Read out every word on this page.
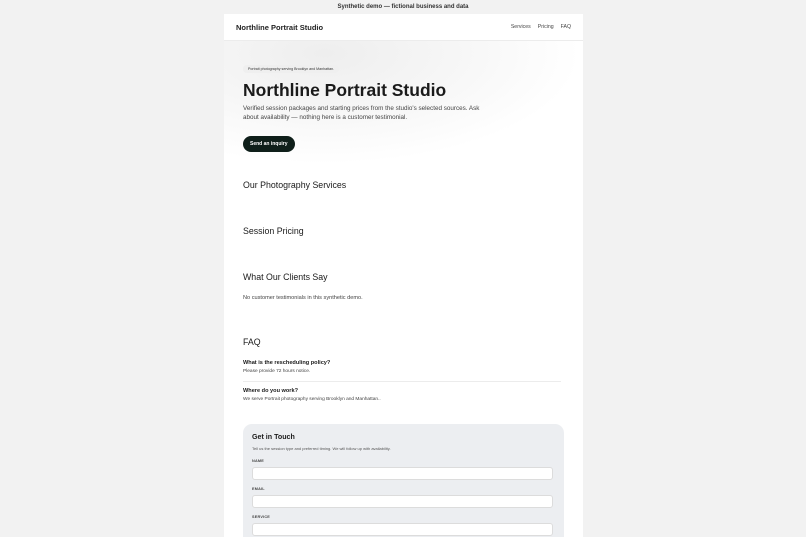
Synthetic demo — fictional business and data
Northline Portrait Studio	Services Pricing FAQ
Portrait photography serving Brooklyn and Manhattan.
Northline Portrait Studio

Verified session packages and starting prices from the studio's selected sources. Ask about availability — nothing here is a customer testimonial.

Send an inquiry
Our Photography Services
Session Pricing
What Our Clients Say

No customer testimonials in this synthetic demo.

FAQ

What is the rescheduling policy?

Please provide 72 hours notice.

Where do you work?

We serve Portrait photography serving Brooklyn and Manhattan..

Get in Touch

Tell us the session type and preferred timing. We will follow up with availability.

NAME
EMAIL
SERVICE
